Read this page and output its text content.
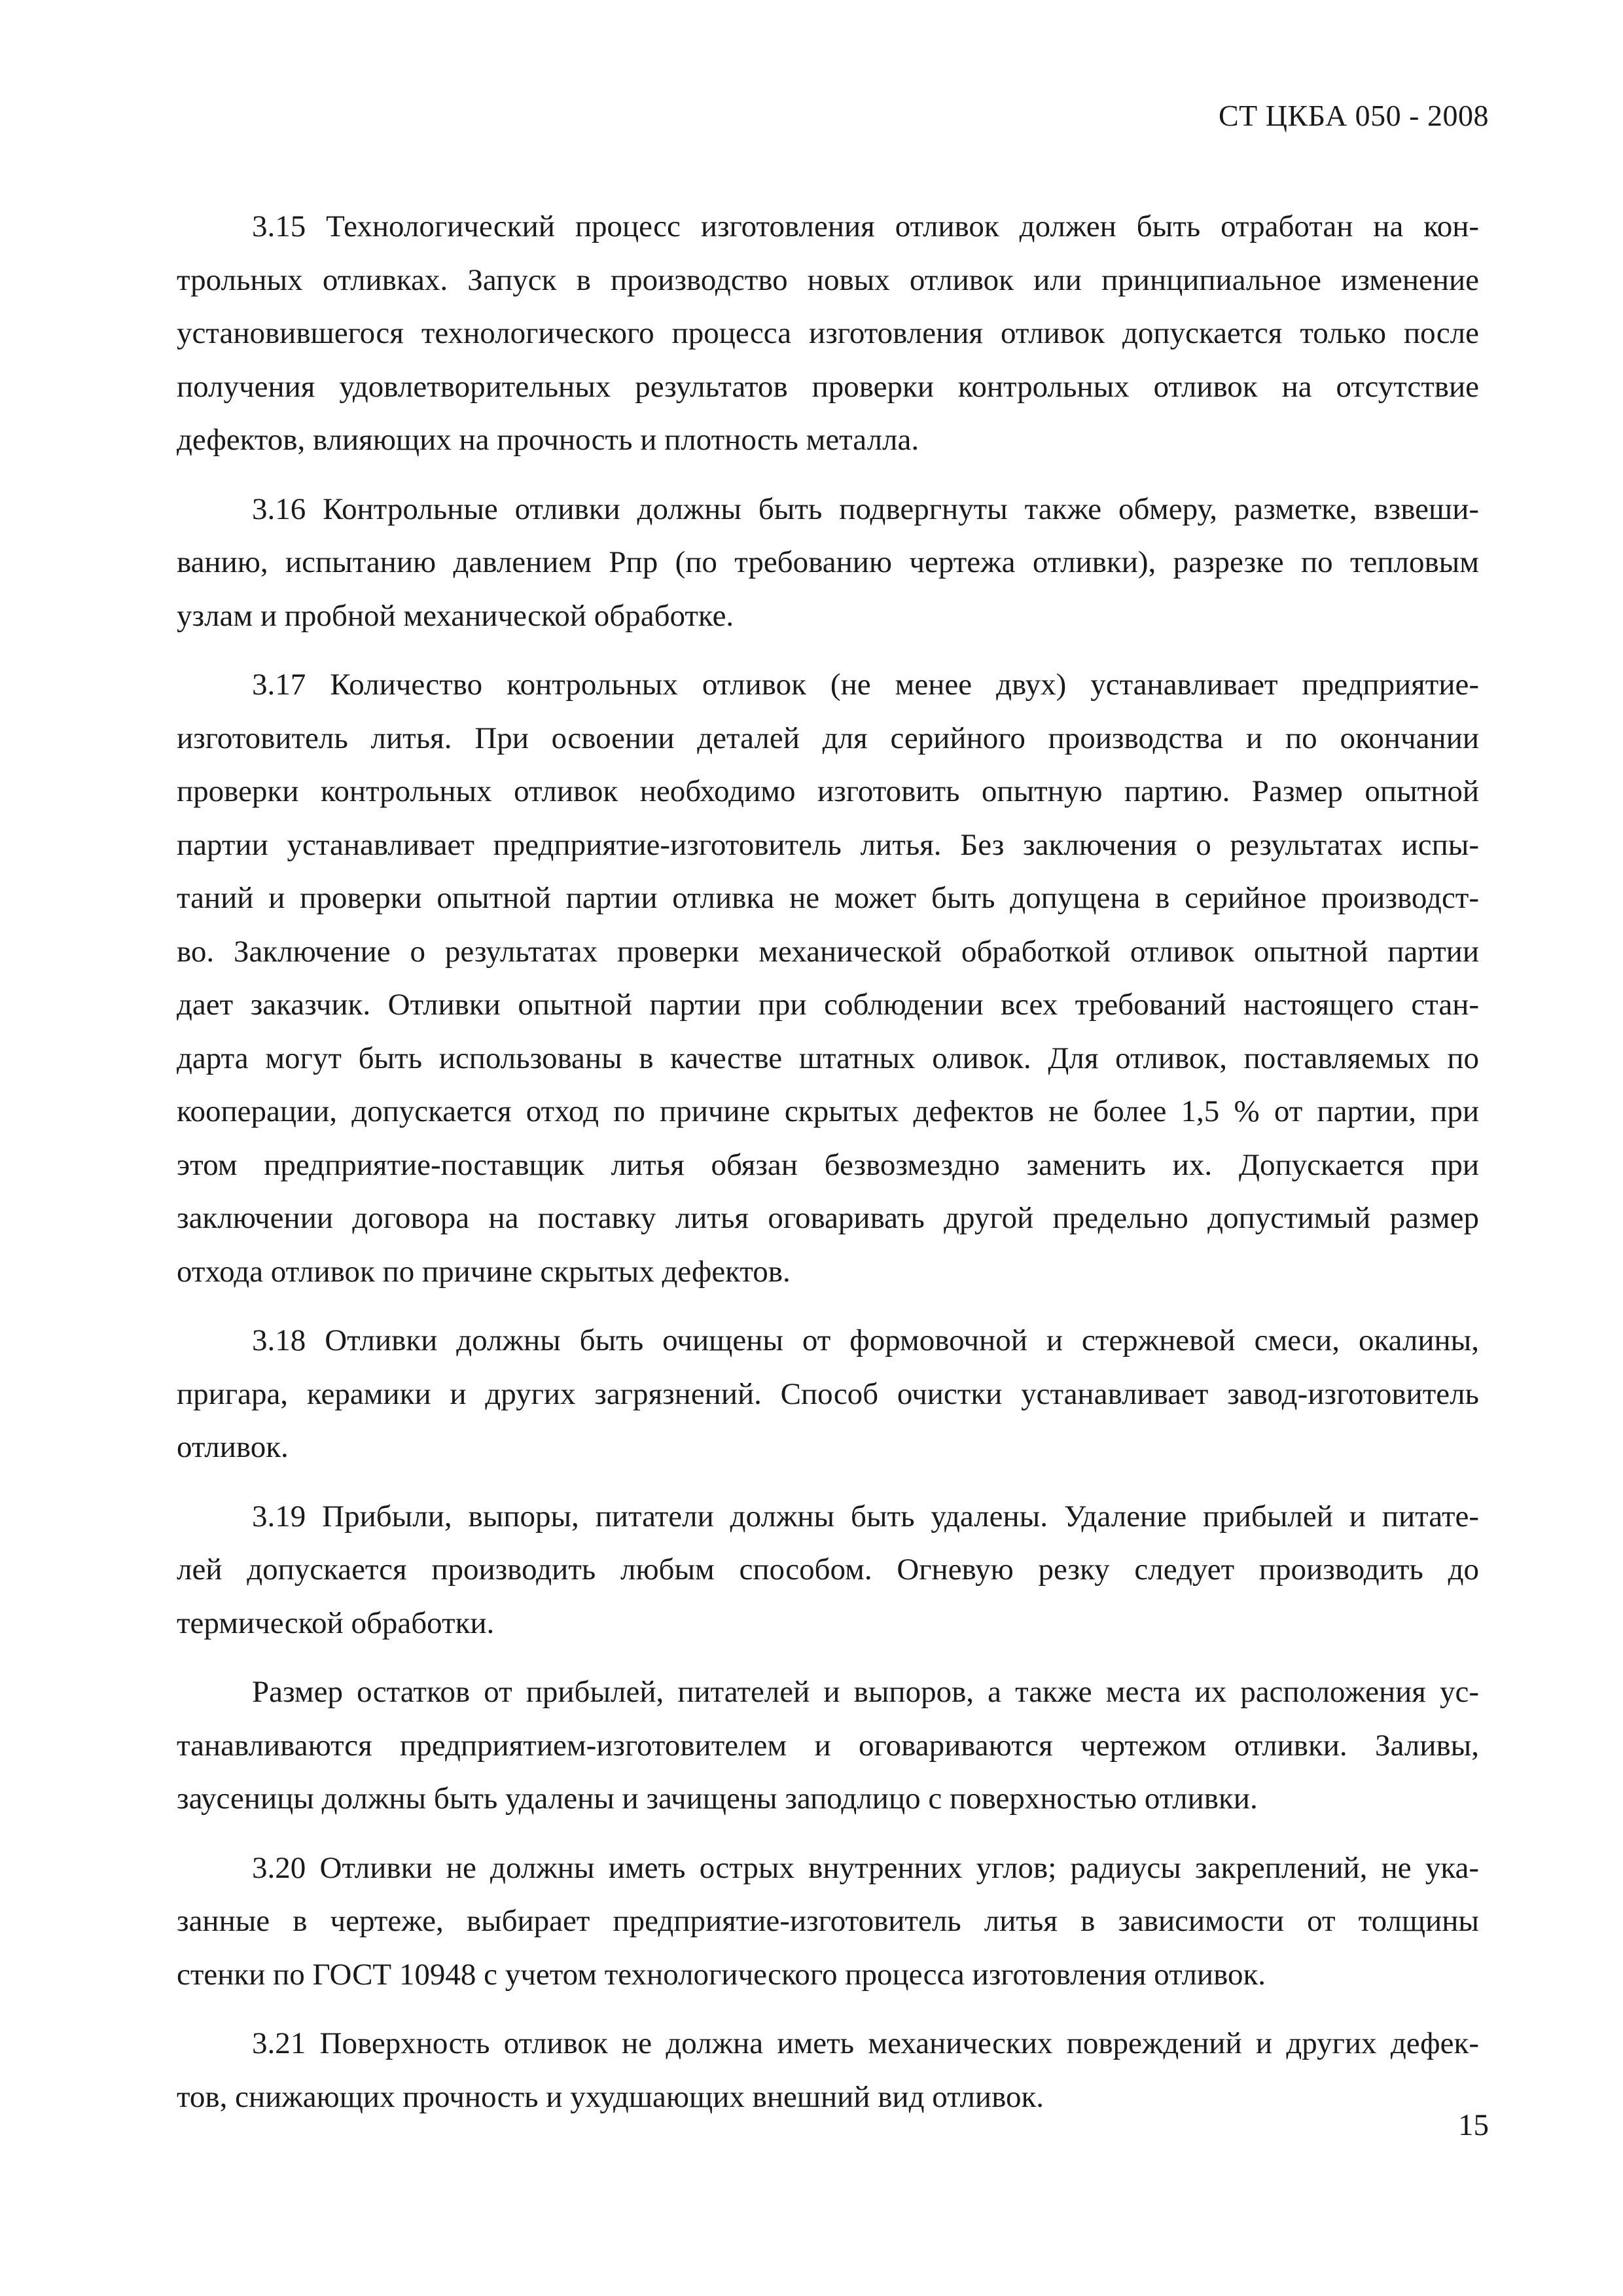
СТ ЦКБА 050 - 2008
3.15 Технологический процесс изготовления отливок должен быть отработан на кон-
трольных отливках. Запуск в производство новых отливок или принципиальное изменение
установившегося технологического процесса изготовления отливок допускается только после
получения удовлетворительных результатов проверки контрольных отливок на отсутствие
дефектов, влияющих на прочность и плотность металла.
3.16 Контрольные отливки должны быть подвергнуты также обмеру, разметке, взвеши-
ванию, испытанию давлением Рпр (по требованию чертежа отливки), разрезке по тепловым
узлам и пробной механической обработке.
3.17 Количество контрольных отливок (не менее двух) устанавливает предприятие-
изготовитель литья. При освоении деталей для серийного производства и по окончании
проверки контрольных отливок необходимо изготовить опытную партию. Размер опытной
партии устанавливает предприятие-изготовитель литья. Без заключения о результатах испы-
таний и проверки опытной партии отливка не может быть допущена в серийное производст-
во. Заключение о результатах проверки механической обработкой отливок опытной партии
дает заказчик. Отливки опытной партии при соблюдении всех требований настоящего стан-
дарта могут быть использованы в качестве штатных оливок. Для отливок, поставляемых по
кооперации, допускается отход по причине скрытых дефектов не более 1,5 % от партии, при
этом предприятие-поставщик литья обязан безвозмездно заменить их. Допускается при
заключении договора на поставку литья оговаривать другой предельно допустимый размер
отхода отливок по причине скрытых дефектов.
3.18 Отливки должны быть очищены от формовочной и стержневой смеси, окалины,
пригара, керамики и других загрязнений. Способ очистки устанавливает завод-изготовитель
отливок.
3.19 Прибыли, выпоры, питатели должны быть удалены. Удаление прибылей и питате-
лей допускается производить любым способом. Огневую резку следует производить до
термической обработки.
Размер остатков от прибылей, питателей и выпоров, а также места их расположения ус-
танавливаются предприятием-изготовителем и оговариваются чертежом отливки. Заливы,
заусеницы должны быть удалены и зачищены заподлицо с поверхностью отливки.
3.20 Отливки не должны иметь острых внутренних углов; радиусы закреплений, не ука-
занные в чертеже, выбирает предприятие-изготовитель литья в зависимости от толщины
стенки по ГОСТ 10948 с учетом технологического процесса изготовления отливок.
3.21 Поверхность отливок не должна иметь механических повреждений и других дефек-
тов, снижающих прочность и ухудшающих внешний вид отливок.
15
